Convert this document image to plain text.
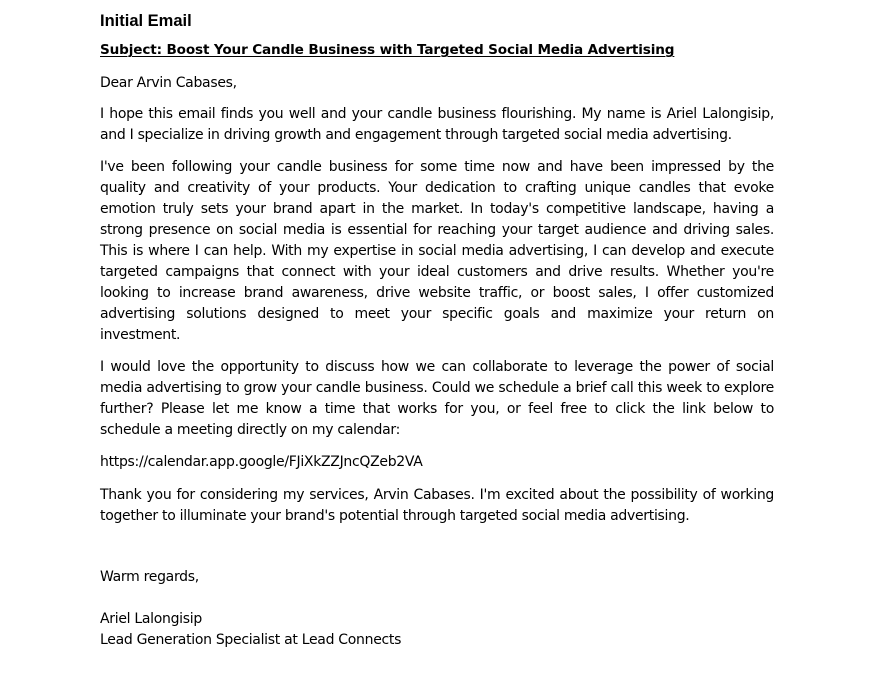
Initial Email
Subject: Boost Your Candle Business with Targeted Social Media Advertising
Dear Arvin Cabases,
I hope this email finds you well and your candle business flourishing. My name is Ariel Lalongisip, and I specialize in driving growth and engagement through targeted social media advertising.
I've been following your candle business for some time now and have been impressed by the quality and creativity of your products. Your dedication to crafting unique candles that evoke emotion truly sets your brand apart in the market. In today's competitive landscape, having a strong presence on social media is essential for reaching your target audience and driving sales. This is where I can help. With my expertise in social media advertising, I can develop and execute targeted campaigns that connect with your ideal customers and drive results. Whether you're looking to increase brand awareness, drive website traffic, or boost sales, I offer customized advertising solutions designed to meet your specific goals and maximize your return on investment.
I would love the opportunity to discuss how we can collaborate to leverage the power of social media advertising to grow your candle business. Could we schedule a brief call this week to explore further? Please let me know a time that works for you, or feel free to click the link below to schedule a meeting directly on my calendar:
https://calendar.app.google/FJiXkZZJncQZeb2VA
Thank you for considering my services, Arvin Cabases. I'm excited about the possibility of working together to illuminate your brand's potential through targeted social media advertising.
Warm regards,
Ariel Lalongisip
Lead Generation Specialist at Lead Connects
